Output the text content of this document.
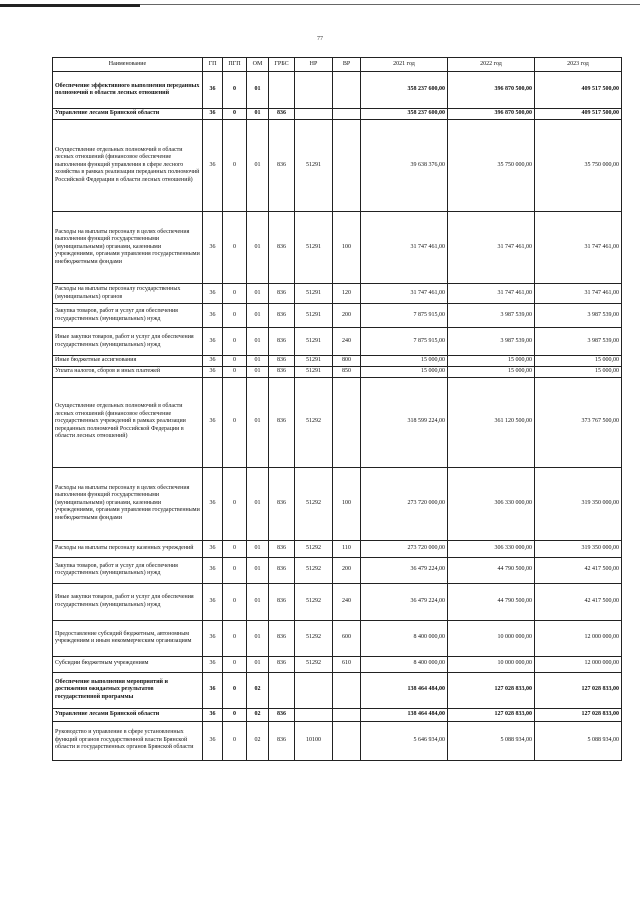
77
Наименование	ГП	ПГП	ОМ	ГРБС	НР	ВР	2021 год	2022 год	2023 год
Обеспечение эффективного выполнения переданных полномочий в области лесных отношений	36	0	01				358 237 600,00	396 870 500,00	409 517 500,00
Управление лесами Брянской области	36	0	01	836			358 237 600,00	396 870 500,00	409 517 500,00
Осуществление отдельных полномочий в области лесных отношений (финансовое обеспечение выполнения функций управления в сфере лесного хозяйства в рамках реализации переданных полномочий Российской Федерации в области лесных отношений)	36	0	01	836	51291		39 638 376,00	35 750 000,00	35 750 000,00
Расходы на выплаты персоналу в целях обеспечения выполнения функций государственными (муниципальными) органами, казенными учреждениями, органами управления государственными внебюджетными фондами	36	0	01	836	51291	100	31 747 461,00	31 747 461,00	31 747 461,00
Расходы на выплаты персоналу государственных (муниципальных) органов	36	0	01	836	51291	120	31 747 461,00	31 747 461,00	31 747 461,00
Закупка товаров, работ и услуг для обеспечения государственных (муниципальных) нужд	36	0	01	836	51291	200	7 875 915,00	3 987 539,00	3 987 539,00
Иные закупки товаров, работ и услуг для обеспечения государственных (муниципальных) нужд	36	0	01	836	51291	240	7 875 915,00	3 987 539,00	3 987 539,00
Иные бюджетные ассигнования	36	0	01	836	51291	800	15 000,00	15 000,00	15 000,00
Уплата налогов, сборов и иных платежей	36	0	01	836	51291	850	15 000,00	15 000,00	15 000,00
Осуществление отдельных полномочий в области лесных отношений (финансовое обеспечение государственных учреждений в рамках реализации переданных полномочий Российской Федерации в области лесных отношений)	36	0	01	836	51292		318 599 224,00	361 120 500,00	373 767 500,00
Расходы на выплаты персоналу в целях обеспечения выполнения функций государственными (муниципальными) органами, казенными учреждениями, органами управления государственными внебюджетными фондами	36	0	01	836	51292	100	273 720 000,00	306 330 000,00	319 350 000,00
Расходы на выплаты персоналу казенных учреждений	36	0	01	836	51292	110	273 720 000,00	306 330 000,00	319 350 000,00
Закупка товаров, работ и услуг для обеспечения государственных (муниципальных) нужд	36	0	01	836	51292	200	36 479 224,00	44 790 500,00	42 417 500,00
Иные закупки товаров, работ и услуг для обеспечения государственных (муниципальных) нужд	36	0	01	836	51292	240	36 479 224,00	44 790 500,00	42 417 500,00
Предоставление субсидий бюджетным, автономным учреждениям и иным некоммерческим организациям	36	0	01	836	51292	600	8 400 000,00	10 000 000,00	12 000 000,00
Субсидии бюджетным учреждениям	36	0	01	836	51292	610	8 400 000,00	10 000 000,00	12 000 000,00
Обеспечение выполнения мероприятий и достижения ожидаемых результатов государственной программы	36	0	02				138 464 484,00	127 028 833,00	127 028 833,00
Управление лесами Брянской области	36	0	02	836			138 464 484,00	127 028 833,00	127 028 833,00
Руководство и управление в сфере установленных функций органов государственной власти Брянской области и государственных органов Брянской области	36	0	02	836	10100		5 646 934,00	5 088 934,00	5 088 934,00
